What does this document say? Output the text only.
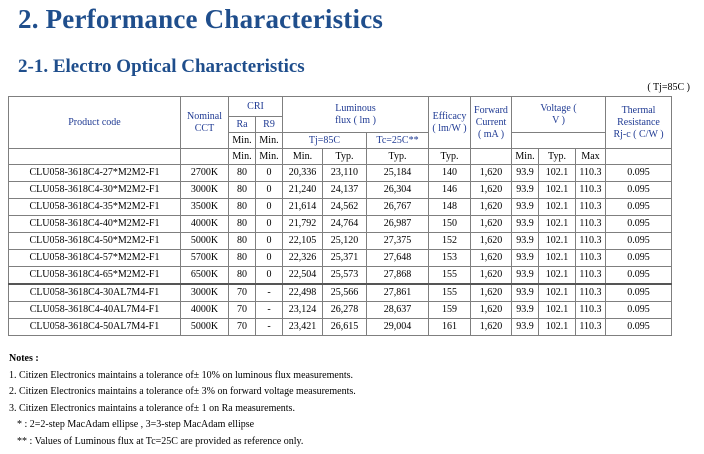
2. Performance Characteristics
2-1. Electro Optical Characteristics
( Tj=85C )
Product code	Nominal CCT	CRI		Luminous flux ( lm )			Efficacy ( lm/W )	Forward Current ( mA )	Voltage ( V )			Thermal Resistance Rj-c ( C/W )
		Ra	R9									
		Min.	Min.	Tj=85C		Tc=25C**						
		Min.	Min.	Min.	Typ.	Typ.	Typ.		Min.	Typ.	Max	
CLU058-3618C4-27*M2M2-F1	2700K	80	0	20,336	23,110	25,184	140	1,620	93.9	102.1	110.3	0.095
CLU058-3618C4-30*M2M2-F1	3000K	80	0	21,240	24,137	26,304	146	1,620	93.9	102.1	110.3	0.095
CLU058-3618C4-35*M2M2-F1	3500K	80	0	21,614	24,562	26,767	148	1,620	93.9	102.1	110.3	0.095
CLU058-3618C4-40*M2M2-F1	4000K	80	0	21,792	24,764	26,987	150	1,620	93.9	102.1	110.3	0.095
CLU058-3618C4-50*M2M2-F1	5000K	80	0	22,105	25,120	27,375	152	1,620	93.9	102.1	110.3	0.095
CLU058-3618C4-57*M2M2-F1	5700K	80	0	22,326	25,371	27,648	153	1,620	93.9	102.1	110.3	0.095
CLU058-3618C4-65*M2M2-F1	6500K	80	0	22,504	25,573	27,868	155	1,620	93.9	102.1	110.3	0.095
CLU058-3618C4-30AL7M4-F1	3000K	70	-	22,498	25,566	27,861	155	1,620	93.9	102.1	110.3	0.095
CLU058-3618C4-40AL7M4-F1	4000K	70	-	23,124	26,278	28,637	159	1,620	93.9	102.1	110.3	0.095
CLU058-3618C4-50AL7M4-F1	5000K	70	-	23,421	26,615	29,004	161	1,620	93.9	102.1	110.3	0.095
Notes :
1. Citizen Electronics maintains a tolerance of± 10% on luminous flux measurements.
2. Citizen Electronics maintains a tolerance of± 3% on forward voltage measurements.
3. Citizen Electronics maintains a tolerance of± 1 on Ra measurements.
* : 2=2-step MacAdam ellipse , 3=3-step MacAdam ellipse
** : Values of Luminous flux at Tc=25C are provided as reference only.
